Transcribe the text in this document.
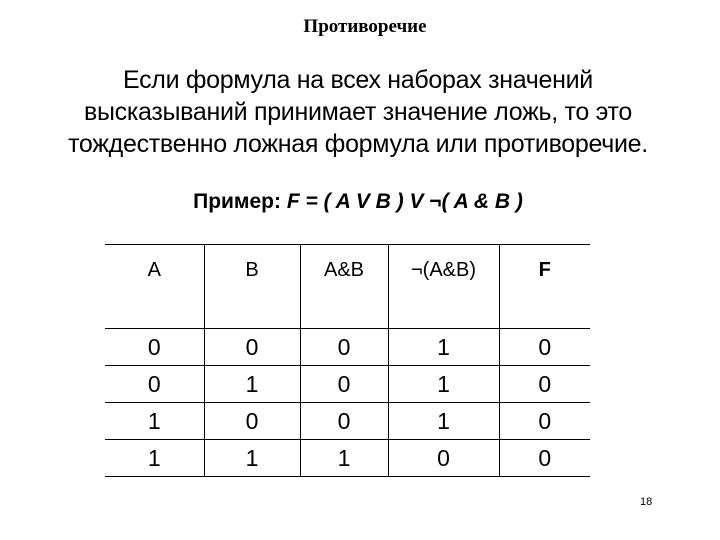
Противоречие
Если формула на всех наборах значений
высказываний принимает значение ложь, то это
тождественно ложная формула или противоречие.
Пример: F = ( A V B ) V ¬( A & B )
A	B	A&B	¬(A&B)	F
0	0	0	1	0
0	1	0	1	0
1	0	0	1	0
1	1	1	0	0
18
